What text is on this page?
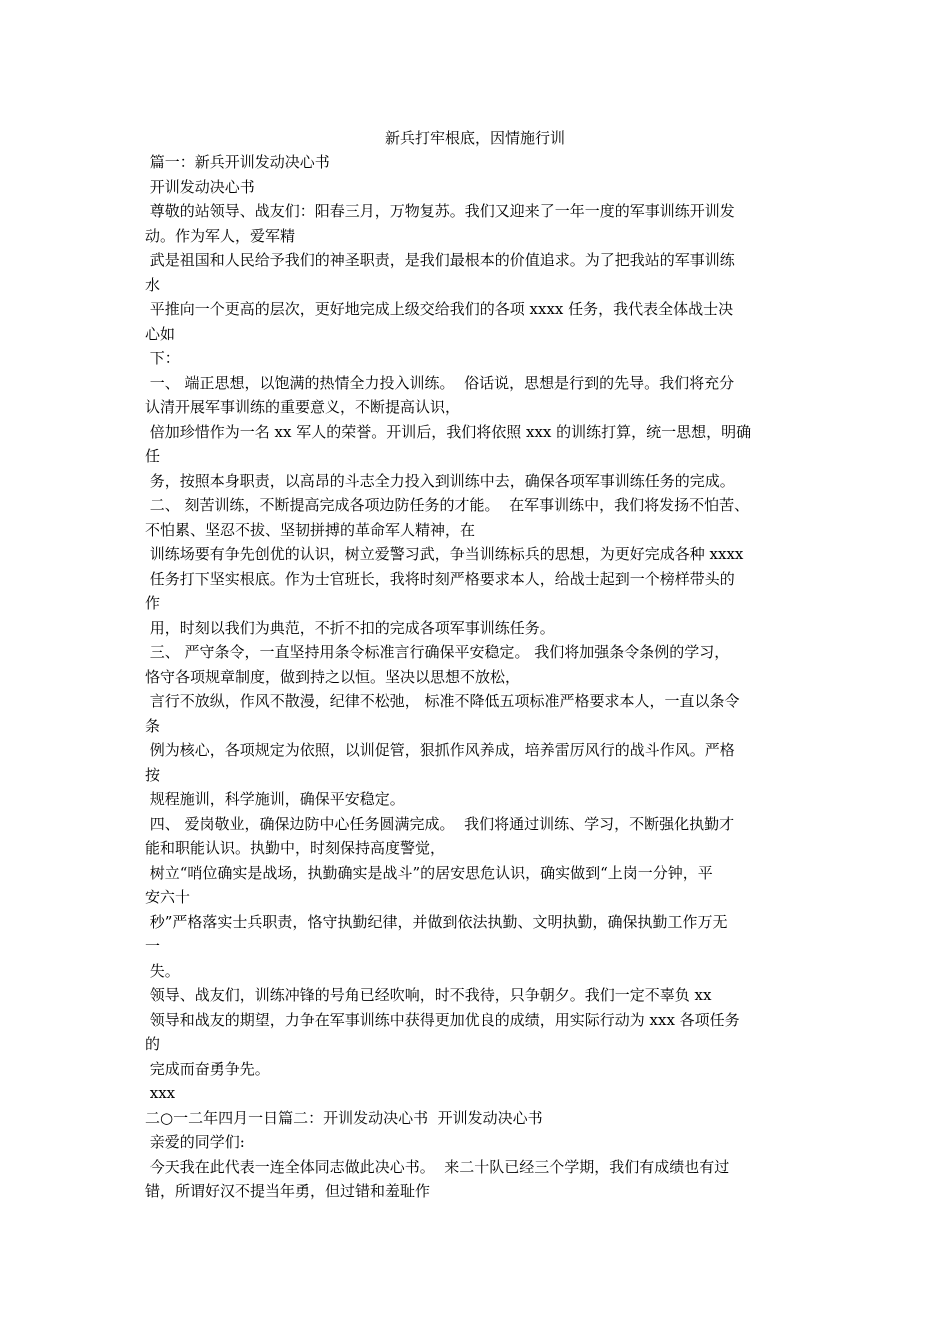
新兵打牢根底，因情施行训
篇一：新兵开训发动决心书
开训发动决心书
尊敬的站领导、战友们：阳春三月，万物复苏。我们又迎来了一年一度的军事训练开训发
动。作为军人，爱军精
武是祖国和人民给予我们的神圣职责，是我们最根本的价值追求。为了把我站的军事训练
水
平推向一个更高的层次，更好地完成上级交给我们的各项 xxxx 任务，我代表全体战士决
心如
下：
一、 端正思想，以饱满的热情全力投入训练。  俗话说，思想是行到的先导。我们将充分
认清开展军事训练的重要意义，不断提高认识，
倍加珍惜作为一名 xx 军人的荣誉。开训后，我们将依照 xxx 的训练打算，统一思想，明确
任
务，按照本身职责，以高昂的斗志全力投入到训练中去，确保各项军事训练任务的完成。
二、 刻苦训练，不断提高完成各项边防任务的才能。  在军事训练中，我们将发扬不怕苦、
不怕累、坚忍不拔、坚韧拼搏的革命军人精神，在
训练场要有争先创优的认识，树立爱警习武，争当训练标兵的思想，为更好完成各种 xxxx
任务打下坚实根底。作为士官班长，我将时刻严格要求本人，给战士起到一个榜样带头的
作
用，时刻以我们为典范，不折不扣的完成各项军事训练任务。
三、 严守条令，一直坚持用条令标准言行确保平安稳定。 我们将加强条令条例的学习，
恪守各项规章制度，做到持之以恒。坚决以思想不放松，
言行不放纵，作风不散漫，纪律不松弛， 标准不降低五项标准严格要求本人，一直以条令
条
例为核心，各项规定为依照，以训促管，狠抓作风养成，培养雷厉风行的战斗作风。严格
按
规程施训，科学施训，确保平安稳定。
四、 爱岗敬业，确保边防中心任务圆满完成。  我们将通过训练、学习，不断强化执勤才
能和职能认识。执勤中，时刻保持高度警觉，
树立“哨位确实是战场，执勤确实是战斗”的居安思危认识，确实做到“上岗一分钟，平
安六十
秒”严格落实士兵职责，恪守执勤纪律，并做到依法执勤、文明执勤，确保执勤工作万无
一
失。
领导、战友们，训练冲锋的号角已经吹响，时不我待，只争朝夕。我们一定不辜负 xx
领导和战友的期望，力争在军事训练中获得更加优良的成绩，用实际行动为 xxx 各项任务
的
完成而奋勇争先。
xxx
二○一二年四月一日篇二：开训发动决心书  开训发动决心书
亲爱的同学们:
今天我在此代表一连全体同志做此决心书。  来二十队已经三个学期，我们有成绩也有过
错，所谓好汉不提当年勇，但过错和羞耻作
